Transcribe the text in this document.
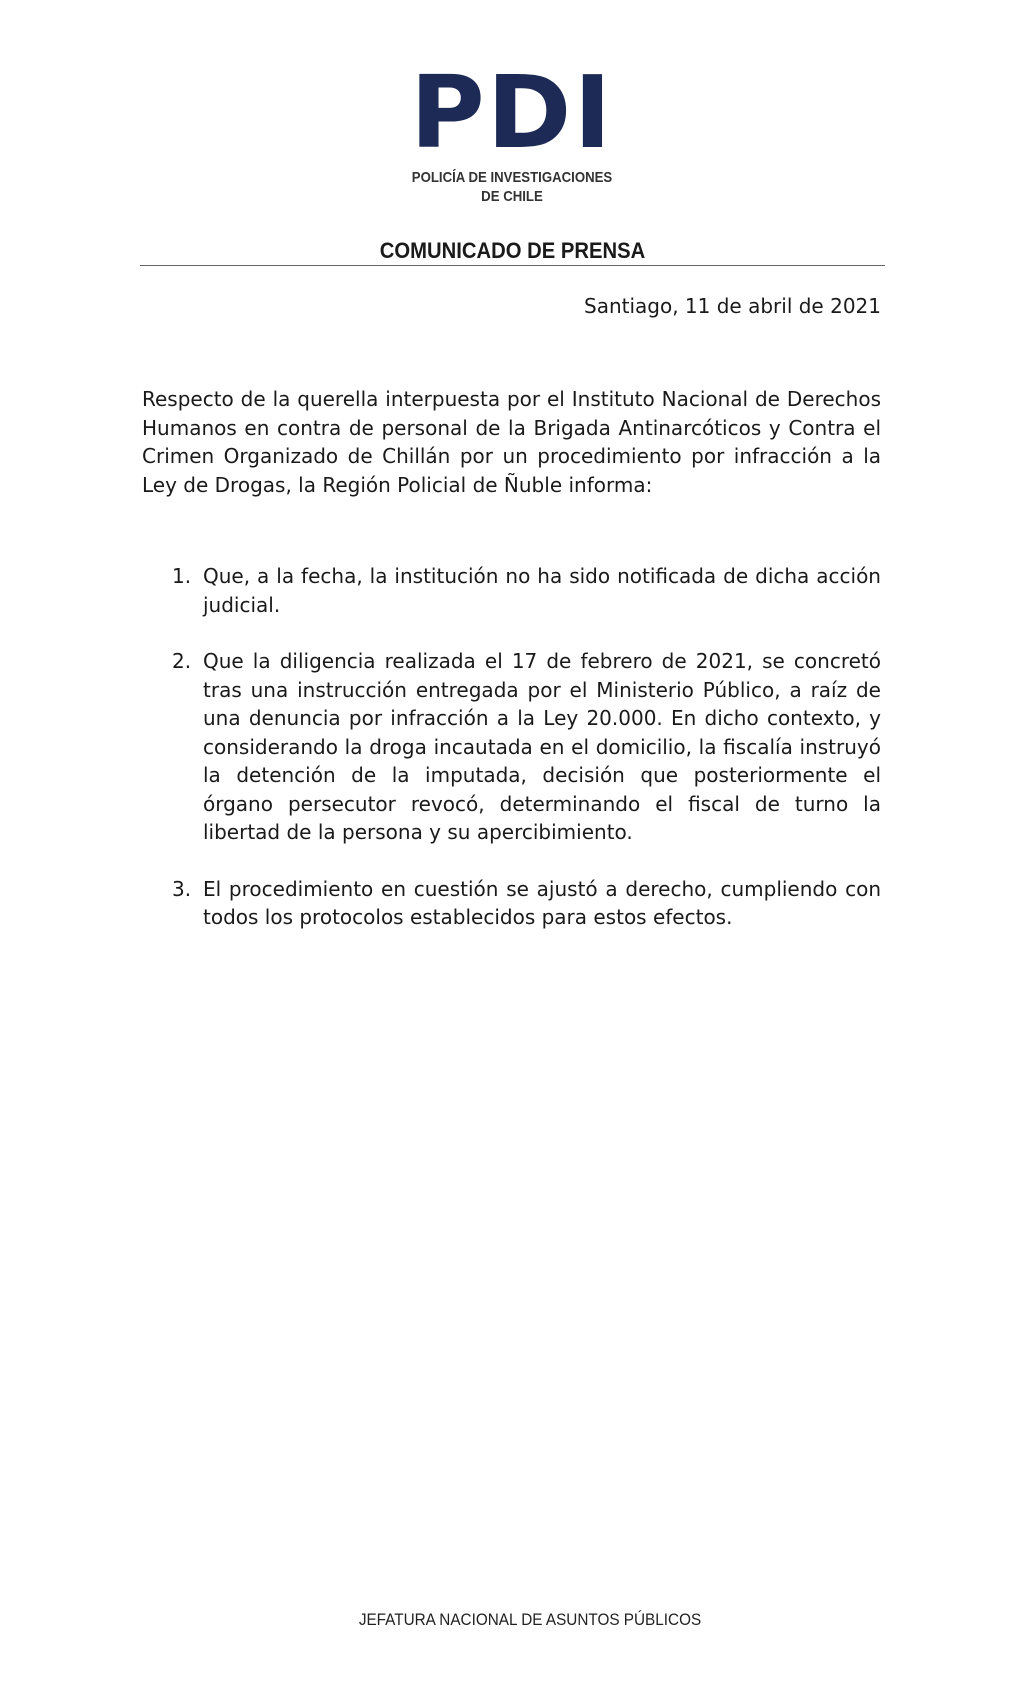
PDI
POLICÍA DE INVESTIGACIONES
DE CHILE
COMUNICADO DE PRENSA
Santiago, 11 de abril de 2021
Respecto de la querella interpuesta por el Instituto Nacional de Derechos Humanos en contra de personal de la Brigada Antinarcóticos y Contra el Crimen Organizado de Chillán por un procedimiento por infracción a la Ley de Drogas, la Región Policial de Ñuble informa:
1. Que, a la fecha, la institución no ha sido notificada de dicha acción judicial.
2. Que la diligencia realizada el 17 de febrero de 2021, se concretó tras una instrucción entregada por el Ministerio Público, a raíz de una denuncia por infracción a la Ley 20.000. En dicho contexto, y considerando la droga incautada en el domicilio, la fiscalía instruyó la detención de la imputada, decisión que posteriormente el órgano persecutor revocó, determinando el fiscal de turno la libertad de la persona y su apercibimiento.
3. El procedimiento en cuestión se ajustó a derecho, cumpliendo con todos los protocolos establecidos para estos efectos.
JEFATURA NACIONAL DE ASUNTOS PÚBLICOS
